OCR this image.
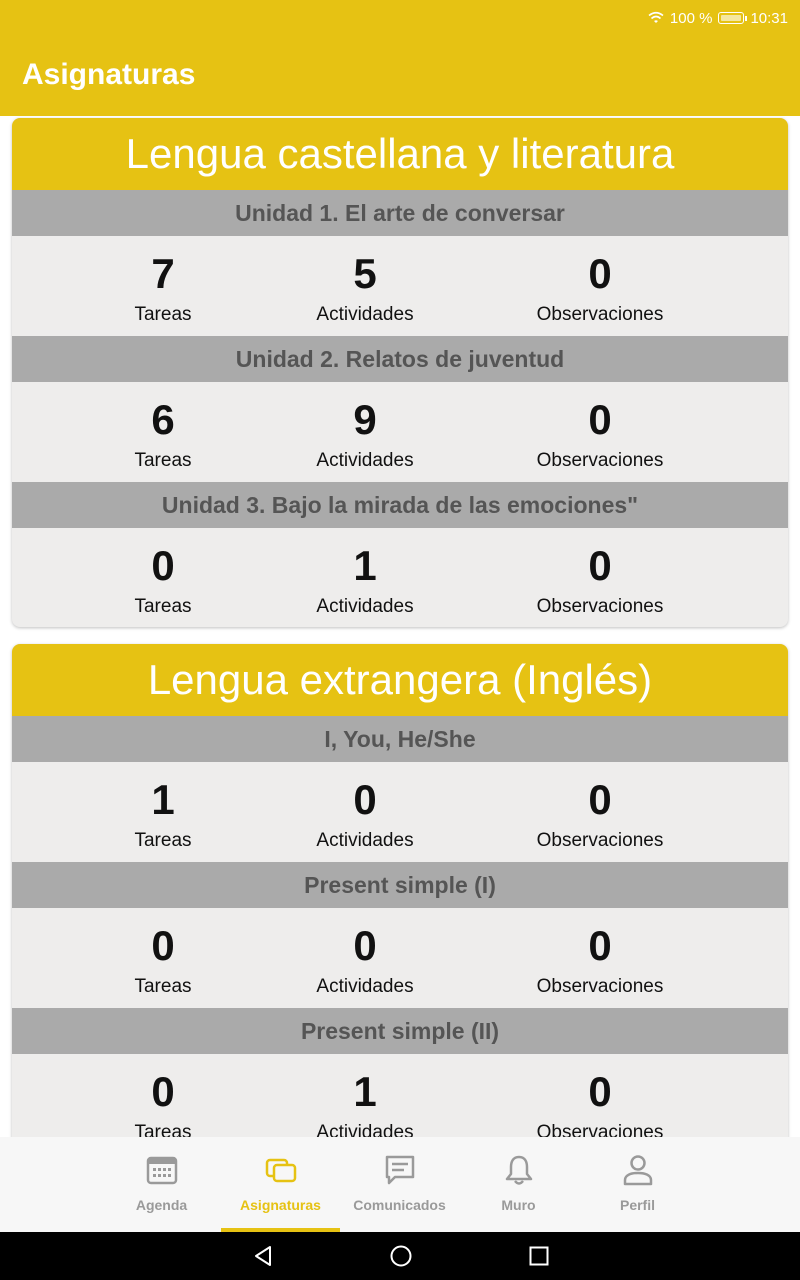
100 %	10:31
Asignaturas
Lengua castellana y literatura
Unidad 1. El arte de conversar
7
Tareas
5
Actividades
0
Observaciones
Unidad 2. Relatos de juventud
6
Tareas
9
Actividades
0
Observaciones
Unidad 3. Bajo la mirada de las emociones"
0
Tareas
1
Actividades
0
Observaciones
Lengua extrangera (Inglés)
I, You, He/She
1
Tareas
0
Actividades
0
Observaciones
Present simple (I)
0
Tareas
0
Actividades
0
Observaciones
Present simple (II)
0
Tareas
1
Actividades
0
Observaciones
Agenda	Asignaturas	Comunicados	Muro	Perfil
